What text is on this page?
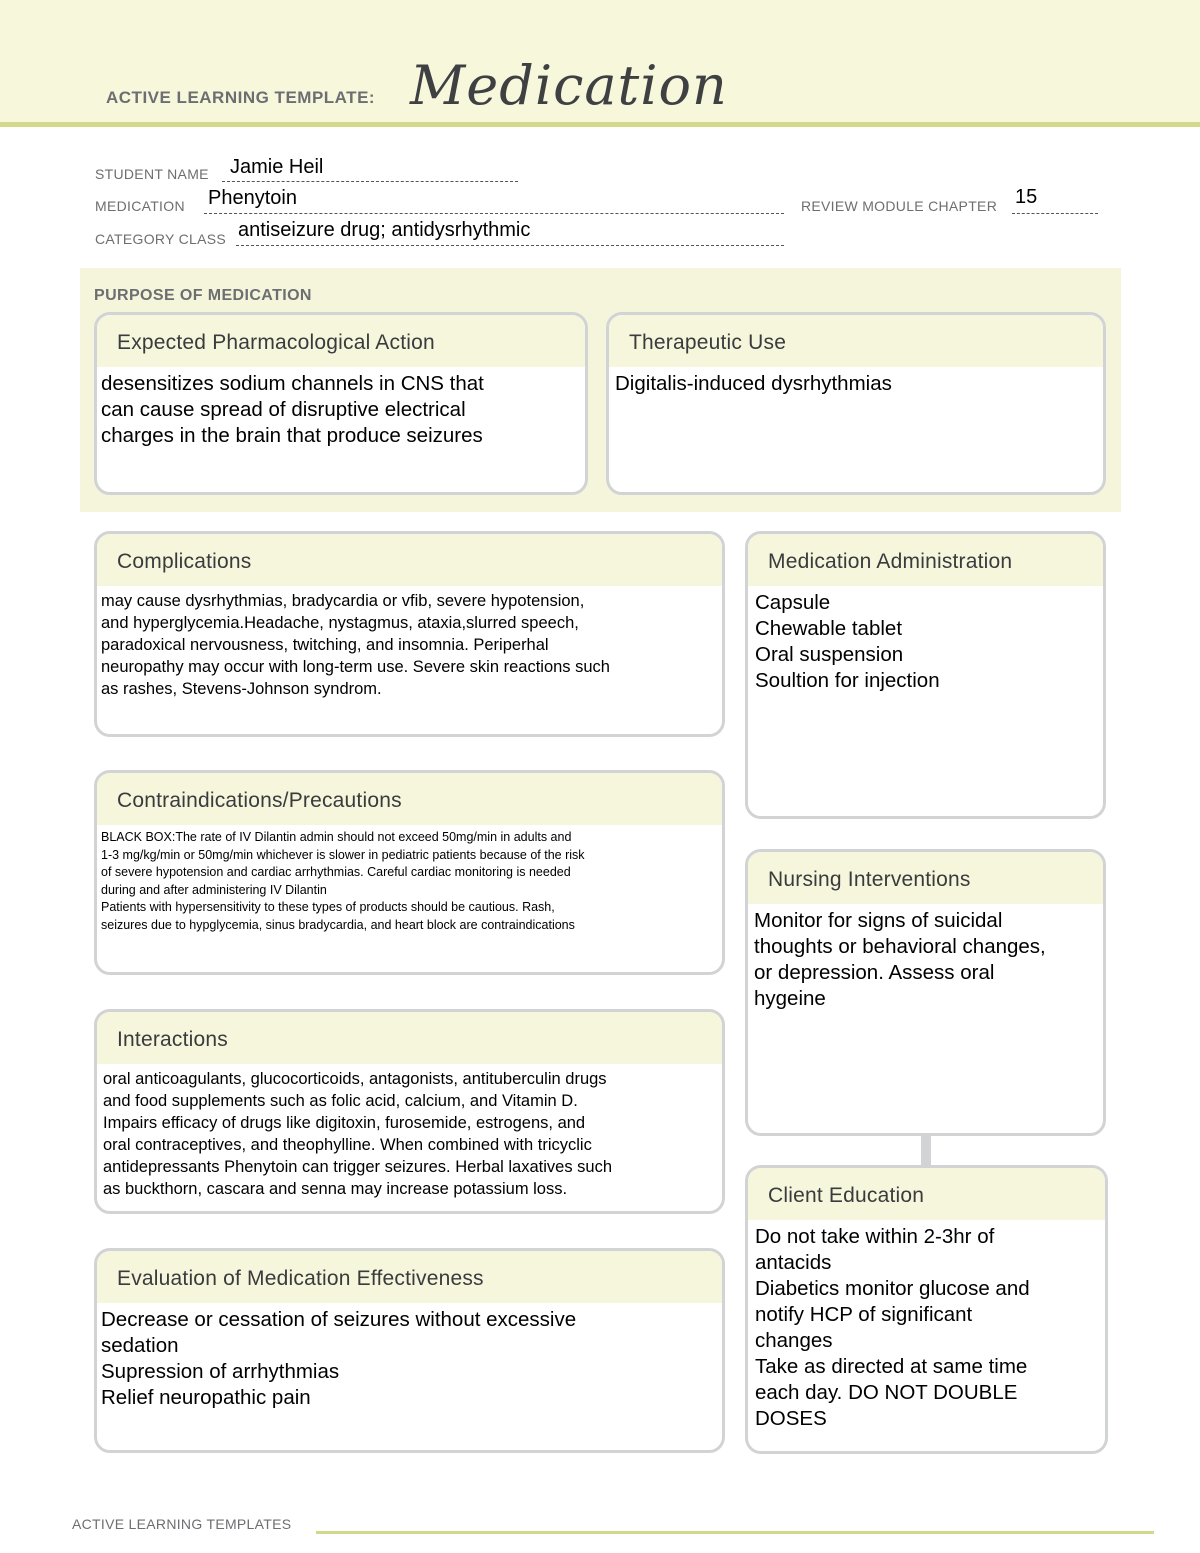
ACTIVE LEARNING TEMPLATE: Medication
STUDENT NAME Jamie Heil
MEDICATION Phenytoin	REVIEW MODULE CHAPTER 15
CATEGORY CLASS antiseizure drug; antidysrhythmic
PURPOSE OF MEDICATION
Expected Pharmacological Action
desensitizes sodium channels in CNS that
can cause spread of disruptive electrical
charges in the brain that produce seizures
Therapeutic Use
Digitalis-induced dysrhythmias
Complications
may cause dysrhythmias, bradycardia or vfib, severe hypotension,
and hyperglycemia.Headache, nystagmus, ataxia,slurred speech,
paradoxical nervousness, twitching, and insomnia. Periperhal
neuropathy may occur with long-term use. Severe skin reactions such
as rashes, Stevens-Johnson syndrom.
Contraindications/Precautions
BLACK BOX:The rate of IV Dilantin admin should not exceed 50mg/min in adults and
1-3 mg/kg/min or 50mg/min whichever is slower in pediatric patients because of the risk
of severe hypotension and cardiac arrhythmias. Careful cardiac monitoring is needed
during and after administering IV Dilantin
Patients with hypersensitivity to these types of products should be cautious. Rash,
seizures due to hypglycemia, sinus bradycardia, and heart block are contraindications
Interactions
oral anticoagulants, glucocorticoids, antagonists, antituberculin drugs
and food supplements such as folic acid, calcium, and Vitamin D.
Impairs efficacy of drugs like digitoxin, furosemide, estrogens, and
oral contraceptives, and theophylline. When combined with tricyclic
antidepressants Phenytoin can trigger seizures. Herbal laxatives such
as buckthorn, cascara and senna may increase potassium loss.
Evaluation of Medication Effectiveness
Decrease or cessation of seizures without excessive
sedation
Supression of arrhythmias
Relief neuropathic pain
Medication Administration
Capsule
Chewable tablet
Oral suspension
Soultion for injection
Nursing Interventions
Monitor for signs of suicidal
thoughts or behavioral changes,
or depression. Assess oral
hygeine
Client Education
Do not take within 2-3hr of
antacids
Diabetics monitor glucose and
notify HCP of significant
changes
Take as directed at same time
each day. DO NOT DOUBLE
DOSES
ACTIVE LEARNING TEMPLATES
